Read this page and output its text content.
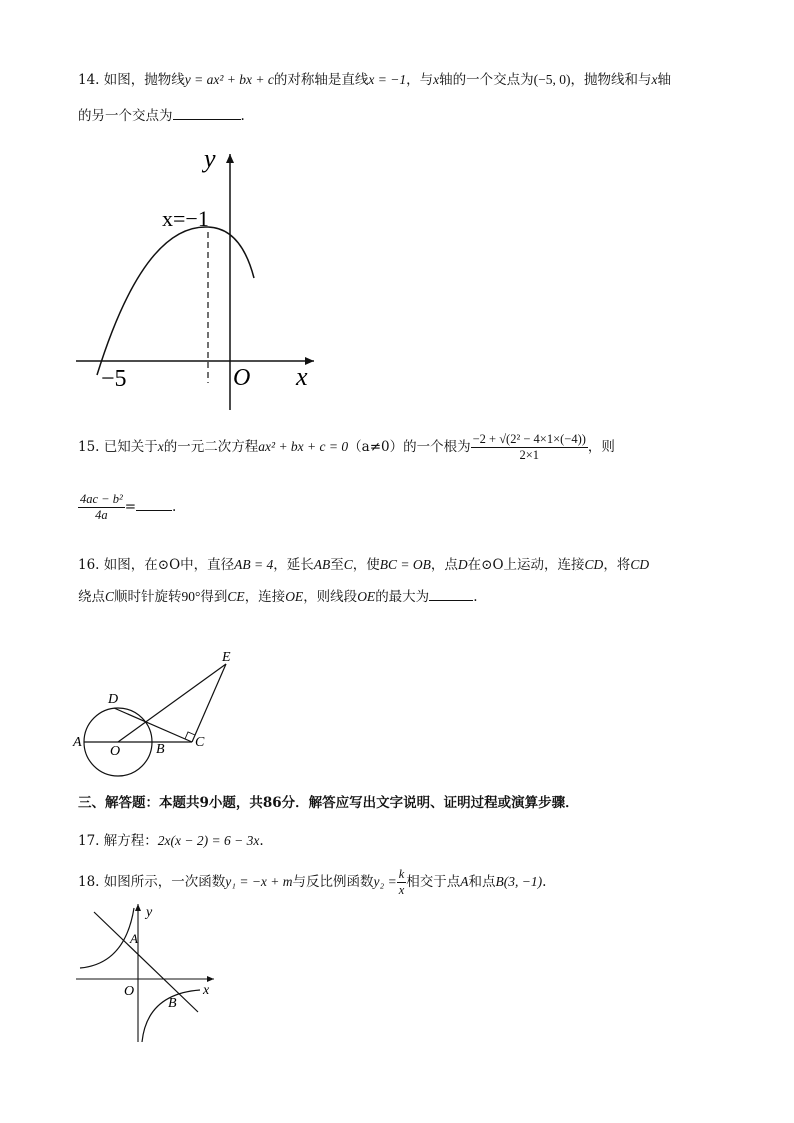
14. 如图，抛物线y = ax² + bx + c的对称轴是直线x = −1，与x轴的一个交点为(−5, 0)，抛物线和与x轴
的另一个交点为	.
y
x=−1
−5	O x
15. 已知关于x的一元二次方程ax² + bx + c = 0（a≠0）的一个根为 $\frac{\text{−2 + √(2² − 4×1×(−4))}}{2\times 1}$ ，则
$\frac{\text{4ac − b²}}{4a}$ =	.
16. 如图，在⊙O中，直径AB = 4，延长AB至C，使BC = OB，点D在⊙O上运动，连接CD，将CD
绕点C顺时针旋转90°得到CE，连接OE，则线段OE的最大为	.
E
D
A
O	B C
三、解答题：本题共9小题，共86分．解答应写出文字说明、证明过程或演算步骤．
17. 解方程：2x(x − 2) = 6 − 3x.
18. 如图所示，一次函数y₁ = −x + m与反比例函数$y_2 = \frac{k}{x}$ 相交于点A和点B(3, −1).
y
A
O
B
x
